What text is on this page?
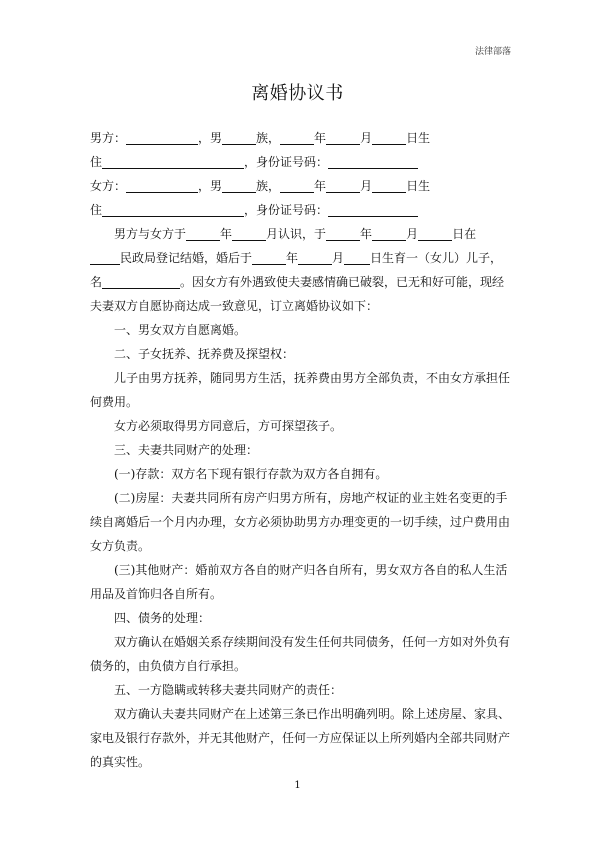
法律部落
离婚协议书
男方：	，男	族，	年	月	日生
住	，身份证号码：
女方：	，男	族，	年	月	日生
住	，身份证号码：
男方与女方于	年	月认识，于	年	月	日在
民政局登记结婚，婚后于	年	月 日生育一（女儿）儿子，
名	。因女方有外遇致使夫妻感情确已破裂，已无和好可能，现经
夫妻双方自愿协商达成一致意见，订立离婚协议如下：
一、男女双方自愿离婚。
二、子女抚养、抚养费及探望权：
儿子由男方抚养，随同男方生活，抚养费由男方全部负责，不由女方承担任
何费用。
女方必须取得男方同意后，方可探望孩子。
三、夫妻共同财产的处理：
(一)存款：双方名下现有银行存款为双方各自拥有。
(二)房屋：夫妻共同所有房产归男方所有，房地产权证的业主姓名变更的手
续自离婚后一个月内办理，女方必须协助男方办理变更的一切手续，过户费用由
女方负责。
(三)其他财产：婚前双方各自的财产归各自所有，男女双方各自的私人生活
用品及首饰归各自所有。
四、债务的处理：
双方确认在婚姻关系存续期间没有发生任何共同债务，任何一方如对外负有
债务的，由负债方自行承担。
五、一方隐瞒或转移夫妻共同财产的责任：
双方确认夫妻共同财产在上述第三条已作出明确列明。除上述房屋、家具、
家电及银行存款外，并无其他财产，任何一方应保证以上所列婚内全部共同财产
的真实性。
1
